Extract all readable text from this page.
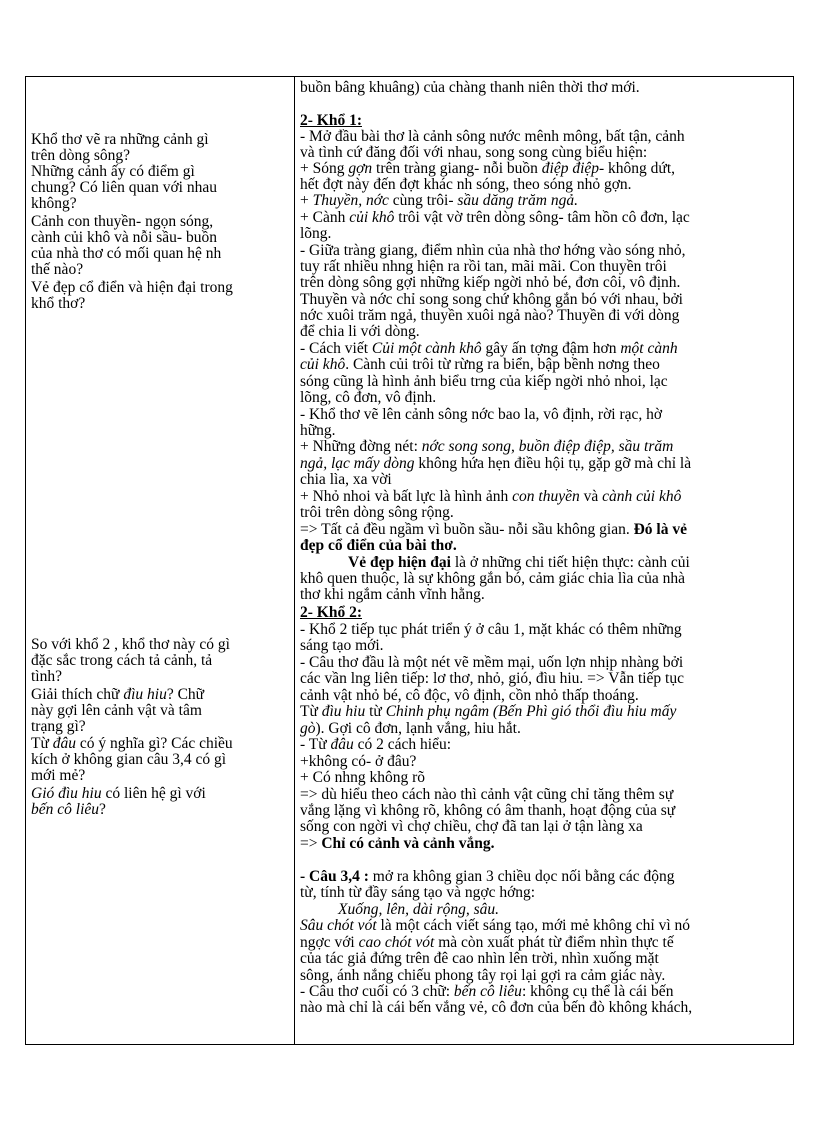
Khổ thơ vẽ ra những cảnh gì
trên dòng sông?
Những cảnh ấy có điểm gì
chung? Có liên quan với nhau
không?
Cảnh con thuyền- ngọn sóng,
cành củi khô và nỗi sầu- buồn
của nhà thơ có mối quan hệ nh
thế nào?
Vẻ đẹp cổ điển và hiện đại trong
khổ thơ?
So với khổ 2 , khổ thơ này có gì
đặc sắc trong cách tả cảnh, tả
tình?
Giải thích chữ đìu hiu? Chữ
này gợi lên cảnh vật và tâm
trạng gì?
Từ đâu có ý nghĩa gì? Các chiều
kích ở không gian câu 3,4 có gì
mới mẻ?
Gió đìu hiu có liên hệ gì với
bến cô liêu?
buồn bâng khuâng) của chàng thanh niên thời thơ mới.
2- Khổ 1:
- Mở đầu bài thơ là cảnh sông nước mênh mông, bất tận, cảnh
và tình cứ đăng đối với nhau, song song cùng biểu hiện:
+ Sóng gợn trên tràng giang- nỗi buồn điệp điệp- không dứt,
hết đợt này đến đợt khác nh sóng, theo sóng nhỏ gợn.
+ Thuyền, nớc cùng trôi- sầu dăng trăm ngả.
+ Cành củi khô trôi vật vờ trên dòng sông- tâm hồn cô đơn, lạc
lõng.
- Giữa tràng giang, điểm nhìn của nhà thơ hớng vào sóng nhỏ,
tuy rất nhiều nhng hiện ra rồi tan, mãi mãi. Con thuyền trôi
trên dòng sông gợi những kiếp ngời nhỏ bé, đơn côi, vô định.
Thuyền và nớc chỉ song song chứ không gắn bó với nhau, bởi
nớc xuôi trăm ngả, thuyền xuôi ngả nào? Thuyền đi với dòng
để chia li với dòng.
- Cách viết Củi một cành khô gây ấn tợng đậm hơn một cành
củi khô. Cành củi trôi từ rừng ra biển, bập bềnh nơng theo
sóng cũng là hình ảnh biểu trng của kiếp ngời nhỏ nhoi, lạc
lõng, cô đơn, vô định.
- Khổ thơ vẽ lên cảnh sông nớc bao la, vô định, rời rạc, hờ
hững.
+ Những đờng nét: nớc song song, buồn điệp điệp, sầu trăm
ngả, lạc mấy dòng không hứa hẹn điều hội tụ, gặp gỡ mà chỉ là
chia lìa, xa vời
+ Nhỏ nhoi và bất lực là hình ảnh con thuyền và cành củi khô
trôi trên dòng sông rộng.
=> Tất cả đều ngầm vì buồn sầu- nỗi sầu không gian. Đó là vẻ
đẹp cổ điển của bài thơ.
Vẻ đẹp hiện đại là ở những chi tiết hiện thực: cành củi
khô quen thuộc, là sự không gắn bó, cảm giác chia lìa của nhà
thơ khi ngắm cảnh vĩnh hằng.
2- Khổ 2:
- Khổ 2 tiếp tục phát triển ý ở câu 1, mặt khác có thêm những
sáng tạo mới.
- Câu thơ đầu là một nét vẽ mềm mại, uốn lợn nhịp nhàng bởi
các vần lng liên tiếp: lơ thơ, nhỏ, gió, đìu hiu. => Vẫn tiếp tục
cảnh vật nhỏ bé, cô độc, vô định, cồn nhỏ thấp thoáng.
Từ đìu hiu từ Chinh phụ ngâm (Bến Phì gió thổi đìu hiu mấy
gò). Gợi cô đơn, lạnh vắng, hiu hắt.
- Từ đâu có 2 cách hiểu:
+không có- ở đâu?
+ Có nhng không rõ
=> dù hiểu theo cách nào thì cảnh vật cũng chỉ tăng thêm sự
vắng lặng vì không rõ, không có âm thanh, hoạt động của sự
sống con ngời vì chợ chiều, chợ đã tan lại ở tận làng xa
=> Chỉ có cảnh và cảnh vắng.
- Câu 3,4 : mở ra không gian 3 chiều dọc nối bằng các động
từ, tính từ đầy sáng tạo và ngợc hớng:
Xuống, lên, dài rộng, sâu.
Sâu chót vót là một cách viết sáng tạo, mới mẻ không chỉ vì nó
ngợc với cao chót vót mà còn xuất phát từ điểm nhìn thực tế
của tác giả đứng trên đê cao nhìn lên trời, nhìn xuống mặt
sông, ánh nắng chiếu phong tây rọi lại gợi ra cảm giác này.
- Câu thơ cuối có 3 chữ: bến cô liêu: không cụ thể là cái bến
nào mà chỉ là cái bến vắng vẻ, cô đơn của bến đò không khách,
